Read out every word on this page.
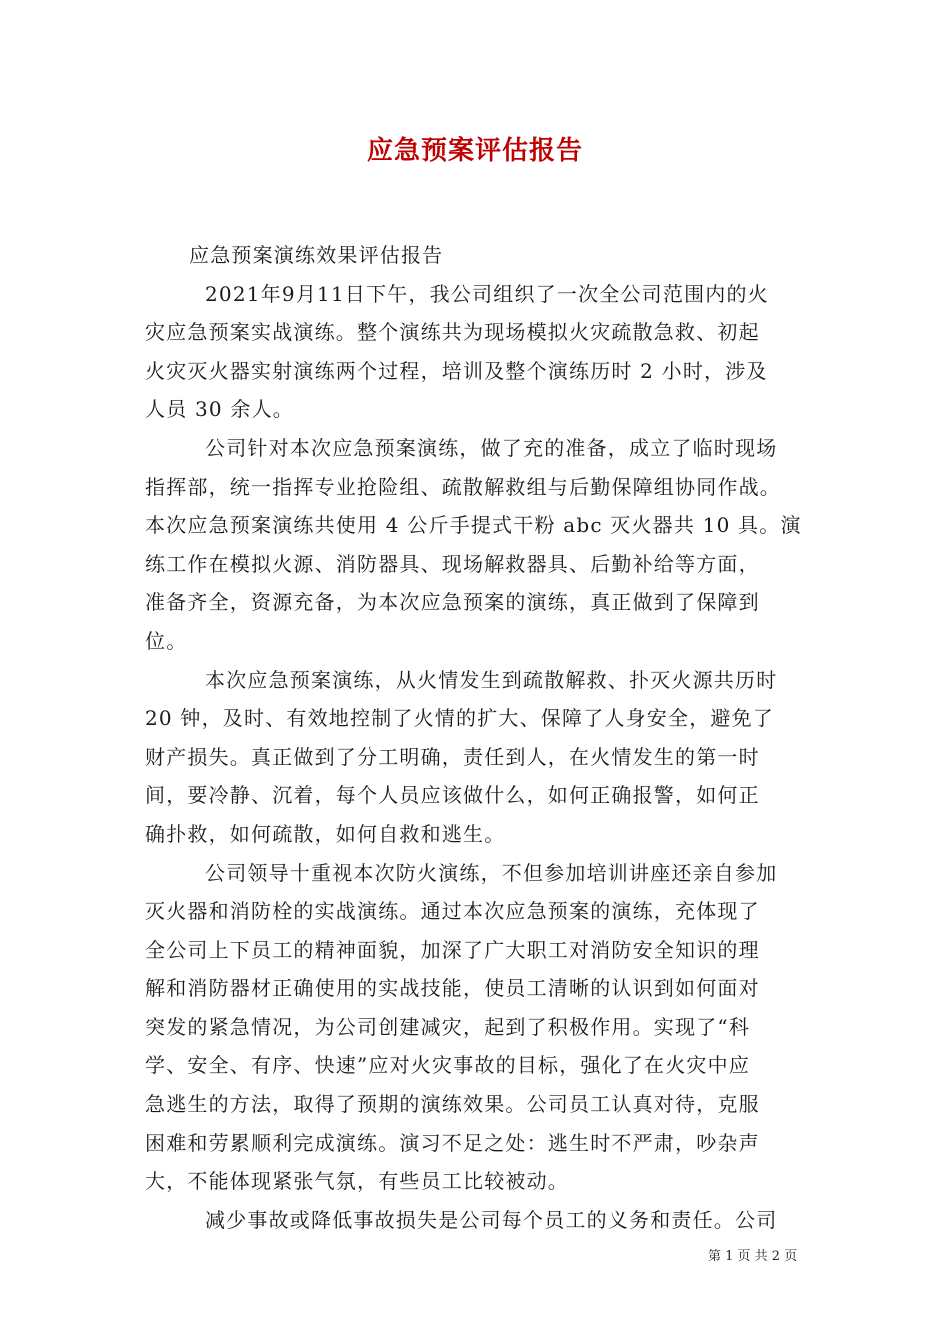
应急预案评估报告
应急预案演练效果评估报告
2021年9月11日下午，我公司组织了一次全公司范围内的火
灾应急预案实战演练。整个演练共为现场模拟火灾疏散急救、初起
火灾灭火器实射演练两个过程，培训及整个演练历时 2 小时，涉及
人员 30 余人。
公司针对本次应急预案演练，做了充的准备，成立了临时现场
指挥部，统一指挥专业抢险组、疏散解救组与后勤保障组协同作战。
本次应急预案演练共使用 4 公斤手提式干粉 abc 灭火器共 10 具。演
练工作在模拟火源、消防器具、现场解救器具、后勤补给等方面，
准备齐全，资源充备，为本次应急预案的演练，真正做到了保障到
位。
本次应急预案演练，从火情发生到疏散解救、扑灭火源共历时
20 钟，及时、有效地控制了火情的扩大、保障了人身安全，避免了
财产损失。真正做到了分工明确，责任到人，在火情发生的第一时
间，要冷静、沉着，每个人员应该做什么，如何正确报警，如何正
确扑救，如何疏散，如何自救和逃生。
公司领导十重视本次防火演练，不但参加培训讲座还亲自参加
灭火器和消防栓的实战演练。通过本次应急预案的演练，充体现了
全公司上下员工的精神面貌，加深了广大职工对消防安全知识的理
解和消防器材正确使用的实战技能，使员工清晰的认识到如何面对
突发的紧急情况，为公司创建减灾，起到了积极作用。实现了“科
学、安全、有序、快速”应对火灾事故的目标，强化了在火灾中应
急逃生的方法，取得了预期的演练效果。公司员工认真对待，克服
困难和劳累顺利完成演练。演习不足之处：逃生时不严肃，吵杂声
大，不能体现紧张气氛，有些员工比较被动。
减少事故或降低事故损失是公司每个员工的义务和责任。公司
第 1 页 共 2 页
